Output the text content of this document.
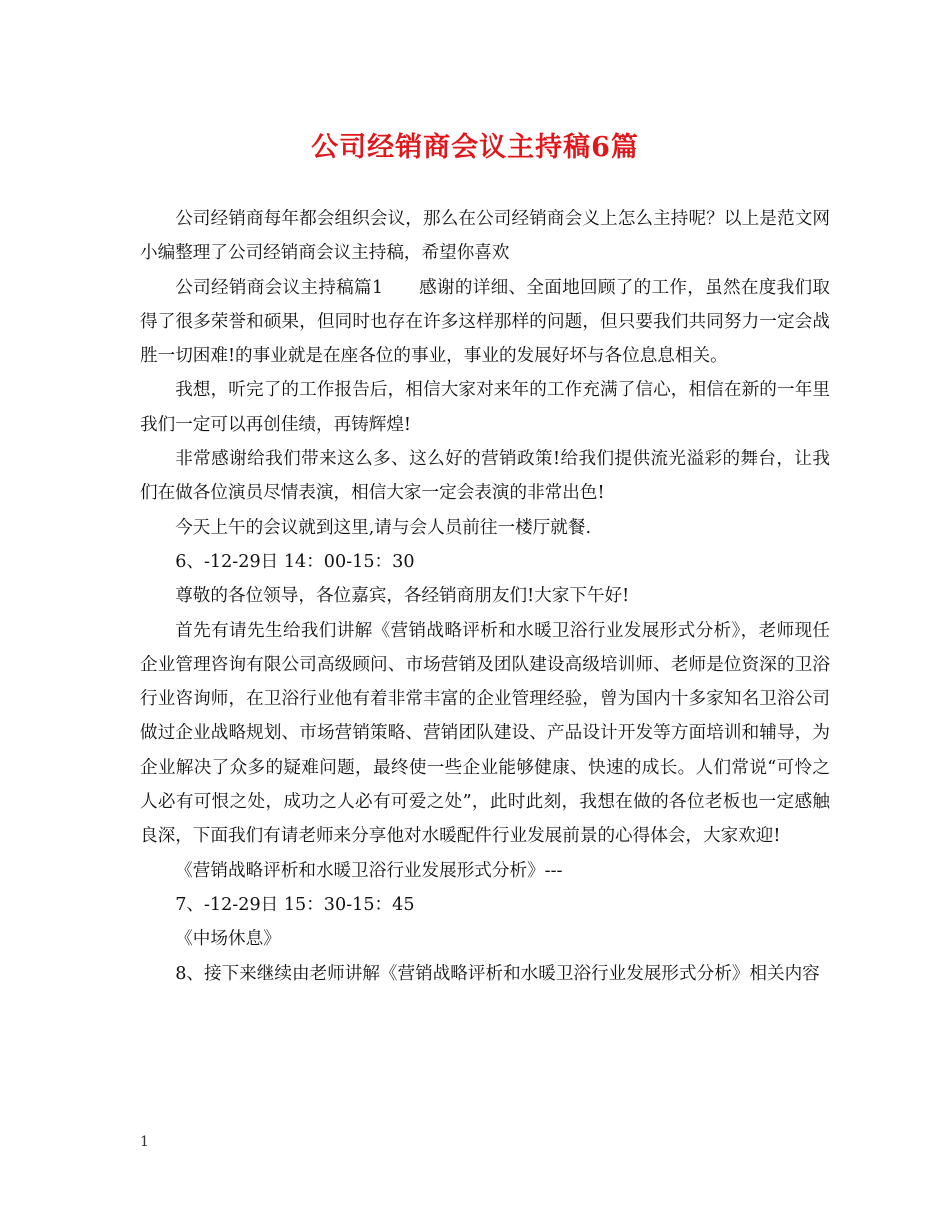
公司经销商会议主持稿6篇

公司经销商每年都会组织会议，那么在公司经销商会义上怎么主持呢？以上是范文网小编整理了公司经销商会议主持稿，希望你喜欢

公司经销商会议主持稿篇1　　感谢的详细、全面地回顾了的工作，虽然在度我们取得了很多荣誉和硕果，但同时也存在许多这样那样的问题，但只要我们共同努力一定会战胜一切困难!的事业就是在座各位的事业，事业的发展好坏与各位息息相关。

我想，听完了的工作报告后，相信大家对来年的工作充满了信心，相信在新的一年里我们一定可以再创佳绩，再铸辉煌!

非常感谢给我们带来这么多、这么好的营销政策!给我们提供流光溢彩的舞台，让我们在做各位演员尽情表演，相信大家一定会表演的非常出色!

今天上午的会议就到这里,请与会人员前往一楼厅就餐.

6、-12-29日 14：00-15：30

尊敬的各位领导，各位嘉宾，各经销商朋友们!大家下午好!

首先有请先生给我们讲解《营销战略评析和水暖卫浴行业发展形式分析》，老师现任企业管理咨询有限公司高级顾问、市场营销及团队建设高级培训师、老师是位资深的卫浴行业咨询师，在卫浴行业他有着非常丰富的企业管理经验，曾为国内十多家知名卫浴公司做过企业战略规划、市场营销策略、营销团队建设、产品设计开发等方面培训和辅导，为企业解决了众多的疑难问题，最终使一些企业能够健康、快速的成长。人们常说“可怜之人必有可恨之处，成功之人必有可爱之处”，此时此刻，我想在做的各位老板也一定感触良深，下面我们有请老师来分享他对水暖配件行业发展前景的心得体会，大家欢迎!

《营销战略评析和水暖卫浴行业发展形式分析》---

7、-12-29日 15：30-15：45

《中场休息》

8、接下来继续由老师讲解《营销战略评析和水暖卫浴行业发展形式分析》相关内容

1
